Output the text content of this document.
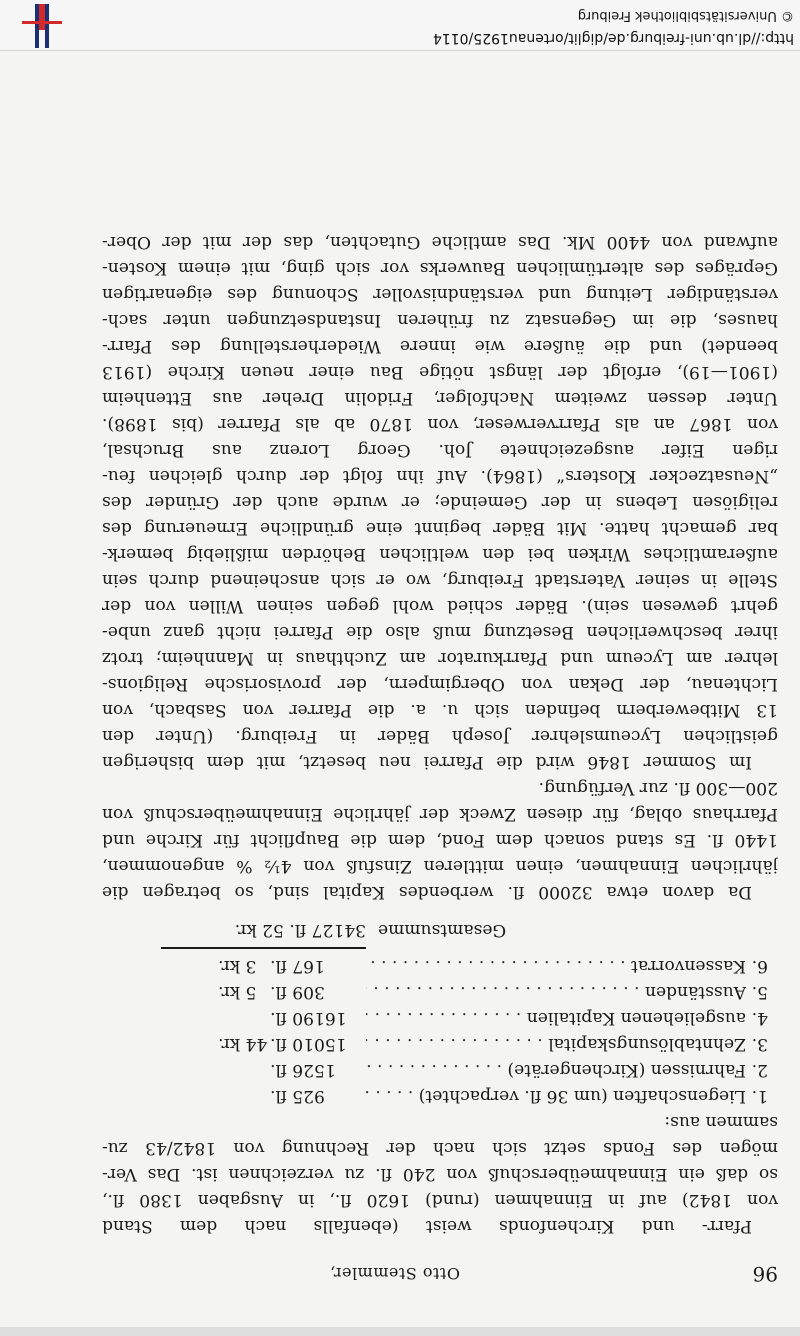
96
Otto Stemmler,
Pfarr- und Kirchenfonds weist (ebenfalls nach dem Stand
von 1842) auf in Einnahmen (rund) 1620 fl., in Ausgaben 1380 fl.,
so daß ein Einnahmeüberschuß von 240 fl. zu verzeichnen ist. Das Ver-
mögen des Fonds setzt sich nach der Rechnung von 1842/43 zu-
sammen aus:
1.
Liegenschaften (um 36 fl. verpachtet) . . .
925 fl.
2.
Fahrnissen (Kirchengeräte) . . .
1526 fl.
3.
Zehntablösungskapital . . .
15010 fl.
44 kr.
4.
ausgeliehenen Kapitalien . . .
16190 fl.
5.
Ausständen . . .
309 fl.
5 kr.
6.
Kassenvorrat . . .
167 fl.
3 kr.
Gesamtsumme
34127 fl. 52 kr.
Da davon etwa 32000 fl. werbendes Kapital sind, so betragen die
jährlichen Einnahmen, einen mittleren Zinsfuß von 4½ % angenommen,
1440 fl. Es stand sonach dem Fond, dem die Baupflicht für Kirche und
Pfarrhaus oblag, für diesen Zweck der jährliche Einnahmeüberschuß von
200—300 fl. zur Verfügung.
Im Sommer 1846 wird die Pfarrei neu besetzt, mit dem bisherigen
geistlichen Lyceumslehrer Joseph Bäder in Freiburg. (Unter den
13 Mitbewerbern befinden sich u. a. die Pfarrer von Sasbach, von
Lichtenau, der Dekan von Obergimpern, der provisorische Religions-
lehrer am Lyceum und Pfarrkurator am Zuchthaus in Mannheim; trotz
ihrer beschwerlichen Besetzung muß also die Pfarrei nicht ganz unbe-
gehrt gewesen sein). Bäder schied wohl gegen seinen Willen von der
Stelle in seiner Vaterstadt Freiburg, wo er sich anscheinend durch sein
außeramtliches Wirken bei den weltlichen Behörden mißliebig bemerk-
bar gemacht hatte. Mit Bäder beginnt eine gründliche Erneuerung des
religiösen Lebens in der Gemeinde; er wurde auch der Gründer des
„Neusatzecker Klosters“ (1864). Auf ihn folgt der durch gleichen feu-
rigen Eifer ausgezeichnete Joh. Georg Lorenz aus Bruchsal,
von 1867 an als Pfarrverweser, von 1870 ab als Pfarrer (bis 1898).
Unter dessen zweitem Nachfolger, Fridolin Dreher aus Ettenheim
(1901—19), erfolgt der längst nötige Bau einer neuen Kirche (1913
beendet) und die äußere wie innere Wiederherstellung des Pfarr-
hauses, die im Gegensatz zu früheren Instandsetzungen unter sach-
verständiger Leitung und verständnisvoller Schonung des eigenartigen
Gepräges des altertümlichen Bauwerks vor sich ging, mit einem Kosten-
aufwand von 4400 Mk. Das amtliche Gutachten, das der mit der Ober-
http://dl.ub.uni-freiburg.de/diglit/ortenau1925/0114
© Universitätsbibliothek Freiburg
